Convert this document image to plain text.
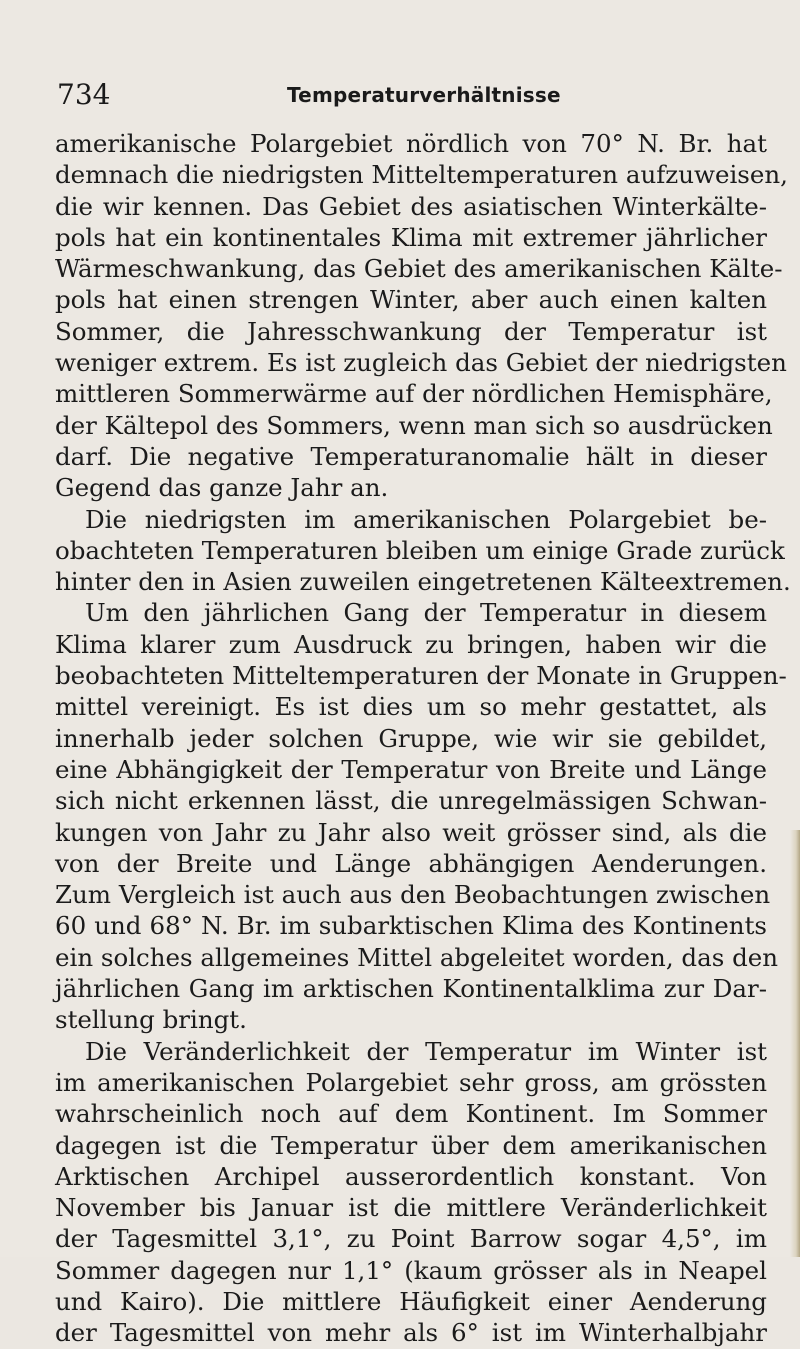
734	Temperaturverhältnisse
amerikanische Polargebiet nördlich von 70° N. Br. hat
demnach die niedrigsten Mitteltemperaturen aufzuweisen,
die wir kennen. Das Gebiet des asiatischen Winterkälte-
pols hat ein kontinentales Klima mit extremer jährlicher
Wärmeschwankung, das Gebiet des amerikanischen Kälte-
pols hat einen strengen Winter, aber auch einen kalten
Sommer, die Jahresschwankung der Temperatur ist
weniger extrem. Es ist zugleich das Gebiet der niedrigsten
mittleren Sommerwärme auf der nördlichen Hemisphäre,
der Kältepol des Sommers, wenn man sich so ausdrücken
darf. Die negative Temperaturanomalie hält in dieser
Gegend das ganze Jahr an.
Die niedrigsten im amerikanischen Polargebiet be-
obachteten Temperaturen bleiben um einige Grade zurück
hinter den in Asien zuweilen eingetretenen Kälteextremen.
Um den jährlichen Gang der Temperatur in diesem
Klima klarer zum Ausdruck zu bringen, haben wir die
beobachteten Mitteltemperaturen der Monate in Gruppen-
mittel vereinigt. Es ist dies um so mehr gestattet, als
innerhalb jeder solchen Gruppe, wie wir sie gebildet,
eine Abhängigkeit der Temperatur von Breite und Länge
sich nicht erkennen lässt, die unregelmässigen Schwan-
kungen von Jahr zu Jahr also weit grösser sind, als die
von der Breite und Länge abhängigen Aenderungen.
Zum Vergleich ist auch aus den Beobachtungen zwischen
60 und 68° N. Br. im subarktischen Klima des Kontinents
ein solches allgemeines Mittel abgeleitet worden, das den
jährlichen Gang im arktischen Kontinentalklima zur Dar-
stellung bringt.
Die Veränderlichkeit der Temperatur im Winter ist
im amerikanischen Polargebiet sehr gross, am grössten
wahrscheinlich noch auf dem Kontinent. Im Sommer
dagegen ist die Temperatur über dem amerikanischen
Arktischen Archipel ausserordentlich konstant. Von
November bis Januar ist die mittlere Veränderlichkeit
der Tagesmittel 3,1°, zu Point Barrow sogar 4,5°, im
Sommer dagegen nur 1,1° (kaum grösser als in Neapel
und Kairo). Die mittlere Häufigkeit einer Aenderung
der Tagesmittel von mehr als 6° ist im Winterhalbjahr
